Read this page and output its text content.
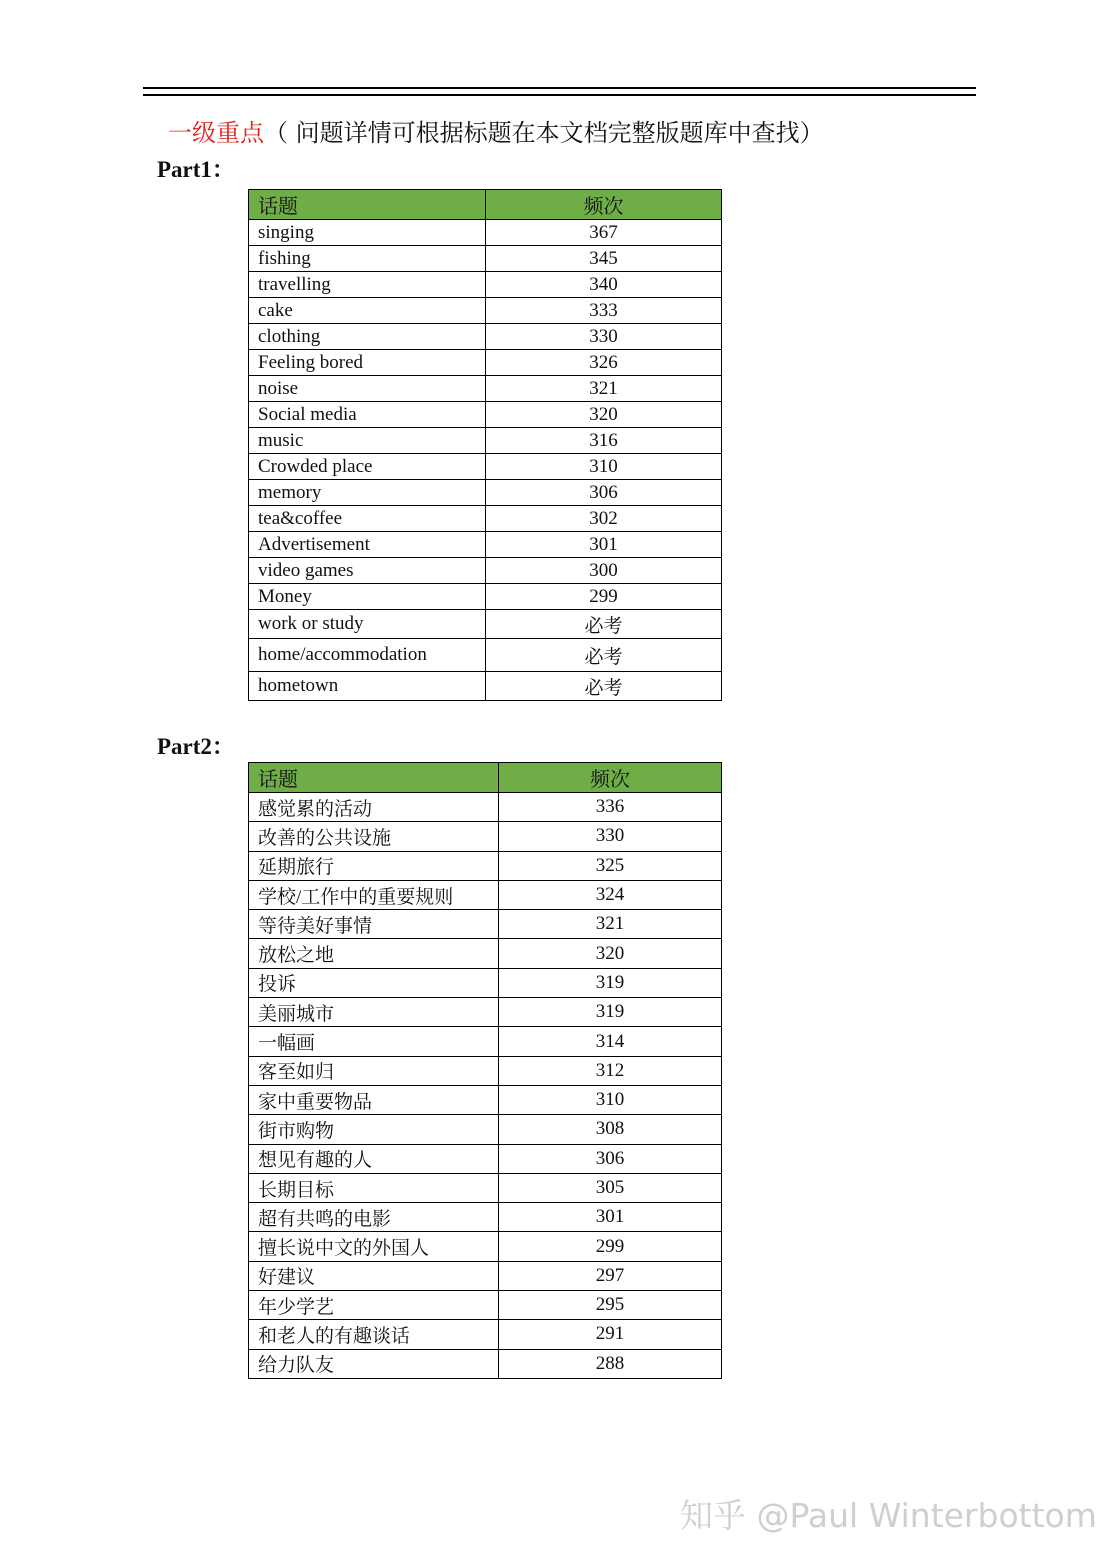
一级重点（ 问题详情可根据标题在本文档完整版题库中查找）
Part1：
话题	频次
singing	367
fishing	345
travelling	340
cake	333
clothing	330
Feeling bored	326
noise	321
Social media	320
music	316
Crowded place	310
memory	306
tea&coffee	302
Advertisement	301
video games	300
Money	299
work or study	必考
home/accommodation	必考
hometown	必考
Part2：
话题	频次
感觉累的活动	336
改善的公共设施	330
延期旅行	325
学校/工作中的重要规则	324
等待美好事情	321
放松之地	320
投诉	319
美丽城市	319
一幅画	314
客至如归	312
家中重要物品	310
街市购物	308
想见有趣的人	306
长期目标	305
超有共鸣的电影	301
擅长说中文的外国人	299
好建议	297
年少学艺	295
和老人的有趣谈话	291
给力队友	288
知乎 @Paul Winterbottom
